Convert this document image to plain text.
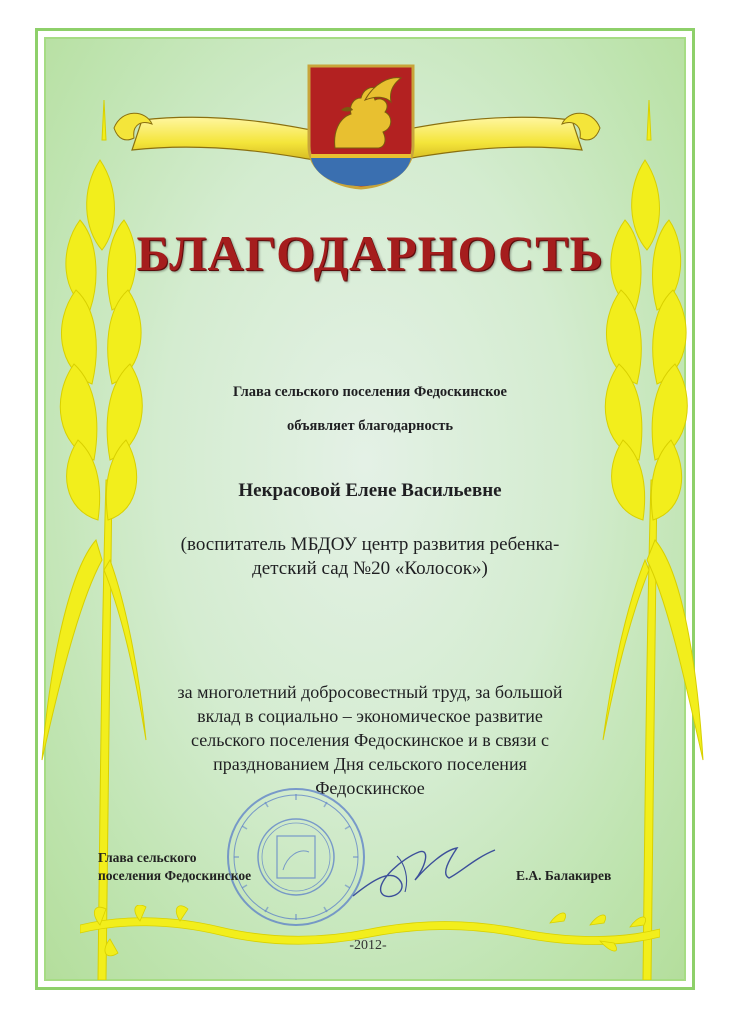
БЛАГОДАРНОСТЬ
Глава сельского поселения Федоскинское
объявляет благодарность
Некрасовой Елене Васильевне
(воспитатель МБДОУ центр развития ребенка-
детский сад №20 «Колосок»)
за многолетний добросовестный труд, за большой
вклад в социально – экономическое развитие
сельского поселения Федоскинское и в связи с
празднованием Дня сельского поселения
Федоскинское
Глава сельского
поселения Федоскинское	Е.А. Балакирев
-2012-
